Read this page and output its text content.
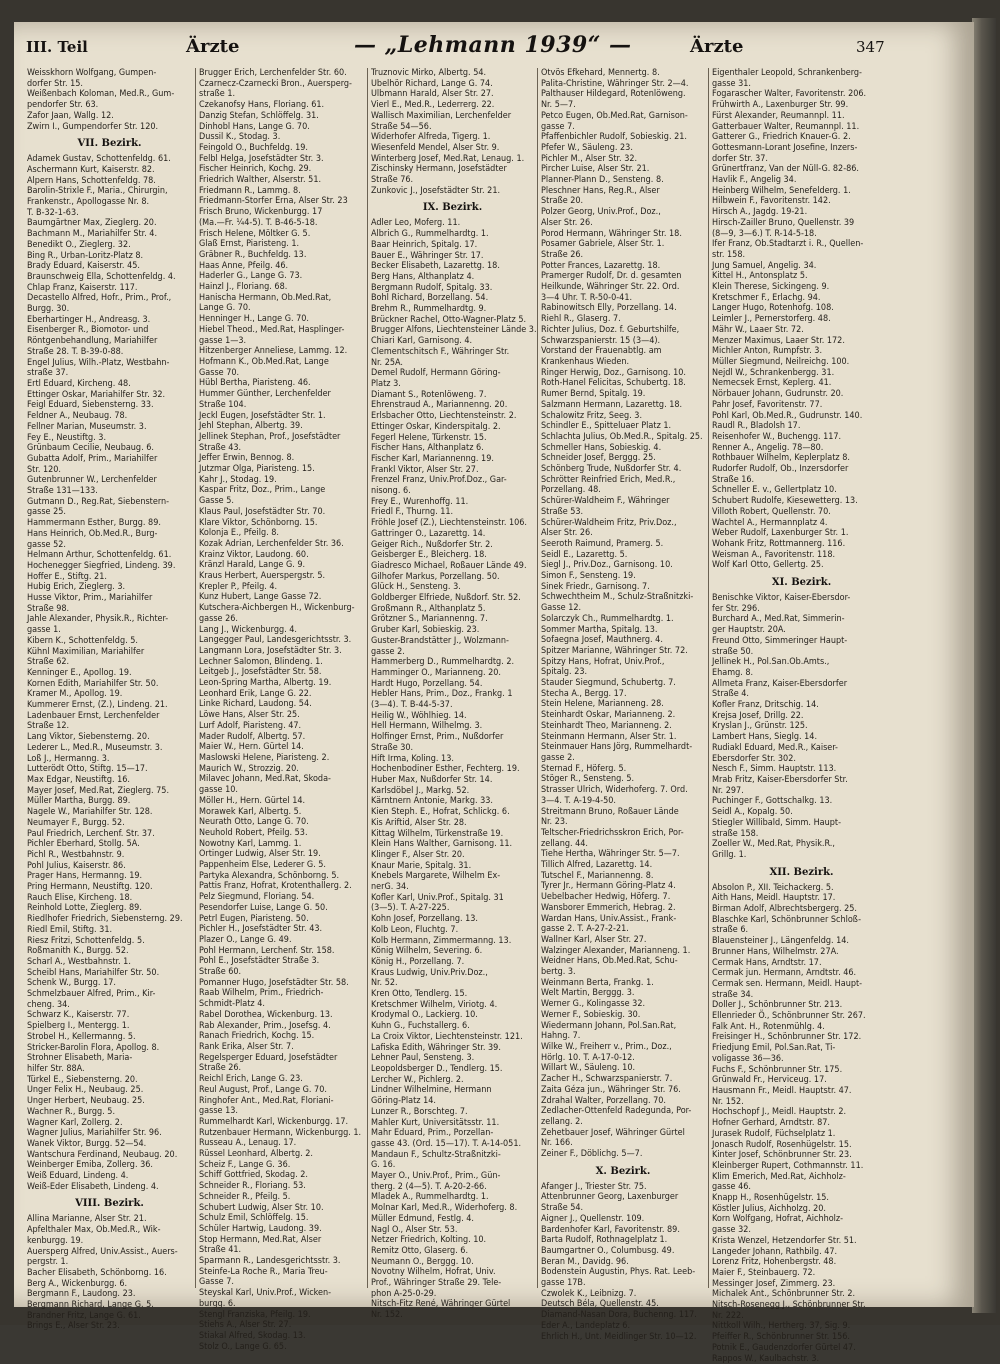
III. Teil	Ärzte	— „Lehmann 1939“ —	Ärzte	347

Weisskhorn Wolfgang, Gumpen-

dorfer Str. 15.

Weißenbach Koloman, Med.R., Gum-

pendorfer Str. 63.

Zafor Jaan, Wallg. 12.

Zwirn I., Gumpendorfer Str. 120.

VII. Bezirk.

Adamek Gustav, Schottenfeldg. 61.

Aschermann Kurt, Kaiserstr. 82.

Alpern Hans, Schottenfeldg. 78.

Barolin-Strixle F., Maria., Chirurgin,

Frankenstr., Apollogasse Nr. 8.

T. B-32-1-63.

Baumgärtner Max, Zieglerg. 20.

Bachmann M., Mariahilfer Str. 4.

Benedikt O., Zieglerg. 32.

Bing R., Urban-Loritz-Platz 8.

Brady Eduard, Kaiserstr. 45.

Braunschweig Ella, Schottenfeldg. 4.

Chlap Franz, Kaiserstr. 117.

Decastello Alfred, Hofr., Prim., Prof.,

Burgg. 30.

Eberhartinger H., Andreasg. 3.

Eisenberger R., Biomotor- und

Röntgenbehandlung, Mariahilfer

Straße 28. T. B-39-0-88.

Engel Julius, Wilh.-Platz, Westbahn-

straße 37.

Ertl Eduard, Kircheng. 48.

Ettinger Oskar, Mariahilfer Str. 32.

Feigl Eduard, Siebensterng. 33.

Feldner A., Neubaug. 78.

Fellner Marian, Museumstr. 3.

Fey E., Neustiftg. 3.

Grünbaum Cecilie, Neubaug. 6.

Gubatta Adolf, Prim., Mariahilfer

Str. 120.

Gutenbrunner W., Lerchenfelder

Straße 131—133.

Gutmann D., Reg.Rat, Siebenstern-

gasse 25.

Hammermann Esther, Burgg. 89.

Hans Heinrich, Ob.Med.R., Burg-

gasse 52.

Helmann Arthur, Schottenfeldg. 61.

Hochenegger Siegfried, Lindeng. 39.

Hoffer E., Stiftg. 21.

Hubig Erich, Zieglerg. 3.

Husse Viktor, Prim., Mariahilfer

Straße 98.

Jahle Alexander, Physik.R., Richter-

gasse 1.

Kibern K., Schottenfeldg. 5.

Kühnl Maximilian, Mariahilfer

Straße 62.

Kenninger E., Apollog. 19.

Kornen Edith, Mariahilfer Str. 50.

Kramer M., Apollog. 19.

Kummerer Ernst, (Z.), Lindeng. 21.

Ladenbauer Ernst, Lerchenfelder

Straße 12.

Lang Viktor, Siebensterng. 20.

Lederer L., Med.R., Museumstr. 3.

Loß J., Hermanng. 3.

Lutterödt Otto, Stiftg. 15—17.

Max Edgar, Neustiftg. 16.

Mayer Josef, Med.Rat, Zieglerg. 75.

Müller Martha, Burgg. 89.

Nagele W., Mariahilfer Str. 128.

Neumayer F., Burgg. 52.

Paul Friedrich, Lerchenf. Str. 37.

Pichler Eberhard, Stollg. 5A.

Pichl R., Westbahnstr. 9.

Pohl Julius, Kaiserstr. 86.

Prager Hans, Hermanng. 19.

Pring Hermann, Neustiftg. 120.

Rauch Elise, Kircheng. 18.

Reinhold Lotte, Zieglerg. 89.

Riedlhofer Friedrich, Siebensterng. 29.

Riedl Emil, Stiftg. 31.

Riesz Fritzi, Schottenfeldg. 5.

Roßmanith K., Burgg. 52.

Scharl A., Westbahnstr. 1.

Scheibl Hans, Mariahilfer Str. 50.

Schenk W., Burgg. 17.

Schmelzbauer Alfred, Prim., Kir-

cheng. 34.

Schwarz K., Kaiserstr. 77.

Spielberg I., Mentergg. 1.

Strobel H., Kellermanng. 5.

Stricker-Barolin Flora, Apollog. 8.

Strohner Elisabeth, Maria-

hilfer Str. 88A.

Türkel E., Siebensterng. 20.

Unger Felix H., Neubaug. 25.

Unger Herbert, Neubaug. 25.

Wachner R., Burgg. 5.

Wagner Karl, Zollerg. 2.

Wagner Julius, Mariahilfer Str. 96.

Wanek Viktor, Burgg. 52—54.

Wantschura Ferdinand, Neubaug. 20.

Weinberger Emiba, Zollerg. 36.

Weiß Eduard, Lindeng. 4.

Weiß-Eder Elisabeth, Lindeng. 4.

VIII. Bezirk.

Allina Marianne, Alser Str. 21.

Apfelthaler Max, Ob.Med.R., Wik-

kenburgg. 19.

Auersperg Alfred, Univ.Assist., Auers-

pergstr. 1.

Bacher Elisabeth, Schönborng. 16.

Berg A., Wickenburgg. 6.

Bergmann F., Laudong. 23.

Bergmann Richard, Lange G. 5.

Brandner Fritz, Lange G. 61.

Brings E., Alser Str. 23.

Brugger Erich, Lerchenfelder Str. 60.

Czarnecz-Czarnecki Bron., Auersperg-

straße 1.

Czekanofsy Hans, Floriang. 61.

Danzig Stefan, Schlöffelg. 31.

Dinhobl Hans, Lange G. 70.

Dussil K., Stodag. 3.

Feingold O., Buchfeldg. 19.

Felbl Helga, Josefstädter Str. 3.

Fischer Heinrich, Kochg. 29.

Friedrich Walther, Alserstr. 51.

Friedmann R., Lammg. 8.

Friedmann-Storfer Erna, Alser Str. 23

Frisch Bruno, Wickenburgg. 17

(Ma.—Fr. ¼4-5). T. B-46-5-18.

Frisch Helene, Möltker G. 5.

Glaß Ernst, Piaristeng. 1.

Gräbner R., Buchfeldg. 13.

Haas Anne, Pfeilg. 46.

Haderler G., Lange G. 73.

Hainzl J., Floriang. 68.

Hanischa Hermann, Ob.Med.Rat,

Lange G. 70.

Henninger H., Lange G. 70.

Hiebel Theod., Med.Rat, Hasplinger-

gasse 1—3.

Hitzenberger Anneliese, Lammg. 12.

Hofmann K., Ob.Med.Rat, Lange

Gasse 70.

Hübl Bertha, Piaristeng. 46.

Hummer Günther, Lerchenfelder

Straße 104.

Jeckl Eugen, Josefstädter Str. 1.

Jehl Stephan, Albertg. 39.

Jellinek Stephan, Prof., Josefstädter

Straße 43.

Jeffer Erwin, Bennog. 8.

Jutzmar Olga, Piaristeng. 15.

Kahr J., Stodag. 19.

Kaspar Fritz, Doz., Prim., Lange

Gasse 5.

Klaus Paul, Josefstädter Str. 70.

Klare Viktor, Schönborng. 15.

Kolonja E., Pfeilg. 8.

Kozak Adrian, Lerchenfelder Str. 36.

Krainz Viktor, Laudong. 60.

Kränzl Harald, Lange G. 9.

Kraus Herbert, Auerspergstr. 5.

Krepler P., Pfeilg. 4.

Kunz Hubert, Lange Gasse 72.

Kutschera-Aichbergen H., Wickenburg-

gasse 26.

Lang J., Wickenburgg. 4.

Langegger Paul, Landesgerichtsstr. 3.

Langmann Lora, Josefstädter Str. 3.

Lechner Salomon, Blindeng. 1.

Leitgeb J., Josefstädter Str. 58.

Leon-Spring Martha, Albertg. 19.

Leonhard Erik, Lange G. 22.

Linke Richard, Laudong. 54.

Löwe Hans, Alser Str. 25.

Lurf Adolf, Piaristeng. 47.

Mader Rudolf, Albertg. 57.

Maier W., Hern. Gürtel 14.

Maslowski Helene, Piaristeng. 2.

Maurich W., Strozzig. 20.

Milavec Johann, Med.Rat, Skoda-

gasse 10.

Möller H., Hern. Gürtel 14.

Morawek Karl, Albertg. 5.

Neurath Otto, Lange G. 70.

Neuhold Robert, Pfeilg. 53.

Nowotny Karl, Lammg. 1.

Ortinger Ludwig, Alser Str. 19.

Pappenheim Else, Lederer G. 5.

Partyka Alexandra, Schönborng. 5.

Pattis Franz, Hofrat, Krotenthallerg. 2.

Pelz Siegmund, Floriang. 54.

Pesendorfer Luise, Lange G. 50.

Petrl Eugen, Piaristeng. 50.

Pichler H., Josefstädter Str. 43.

Plazer O., Lange G. 49.

Pohl Hermann, Lerchenf. Str. 158.

Pohl E., Josefstädter Straße 3.

Straße 60.

Pomanner Hugo, Josefstädter Str. 58.

Raab Wilhelm, Prim., Friedrich-

Schmidt-Platz 4.

Rabel Dorothea, Wickenburg. 13.

Rab Alexander, Prim., Josefsg. 4.

Ranach Friedrich, Kochg. 15.

Rank Erika, Alser Str. 7.

Regelsperger Eduard, Josefstädter

Straße 26.

Reichl Erich, Lange G. 23.

Reul August, Prof., Lange G. 70.

Ringhofer Ant., Med.Rat, Floriani-

gasse 13.

Rummelhardt Karl, Wickenburgg. 17.

Rutzenbauer Hermann, Wickenburgg. 1.

Russeau A., Lenaug. 17.

Rüssel Leonhard, Albertg. 2.

Scheiz F., Lange G. 36.

Schiff Gottfried, Skodag. 2.

Schneider R., Floriang. 53.

Schneider R., Pfeilg. 5.

Schubert Ludwig, Alser Str. 10.

Schulz Emil, Schlöffelg. 15.

Schüler Hartwig, Laudong. 39.

Stop Hermann, Med.Rat, Alser

Straße 41.

Sparmann R., Landesgerichtsstr. 3.

Steinfe-La Roche R., Maria Treu-

Gasse 7.

Steyskal Karl, Univ.Prof., Wicken-

burgg. 6.

Stengl Franziska, Pfeilg. 19.

Stiehs A., Alser Str. 27.

Stiakal Alfred, Skodag. 13.

Stolz O., Lange G. 65.

Truznovic Mirko, Albertg. 54.

Ubelhör Richard, Lange G. 74.

Ulbmann Harald, Alser Str. 27.

Vierl E., Med.R., Lederrerg. 22.

Wallisch Maximilian, Lerchenfelder

Straße 54—56.

Widerhofer Alfreda, Tigerg. 1.

Wiesenfeld Mendel, Alser Str. 9.

Winterberg Josef, Med.Rat, Lenaug. 1.

Zischinsky Hermann, Josefstädter

Straße 76.

Zunkovic J., Josefstädter Str. 21.

IX. Bezirk.

Adler Leo, Moferg. 11.

Albrich G., Rummelhardtg. 1.

Baar Heinrich, Spitalg. 17.

Bauer E., Währinger Str. 17.

Becker Elisabeth, Lazarettg. 18.

Berg Hans, Althanplatz 4.

Bergmann Rudolf, Spitalg. 33.

Bohl Richard, Borzellang. 54.

Brehm R., Rummelhardtg. 9.

Brückner Rachel, Otto-Wagner-Platz 5.

Brugger Alfons, Liechtensteiner Lände 3.

Chiari Karl, Garnisong. 4.

Clementschitsch F., Währinger Str.

Nr. 25A.

Demel Rudolf, Hermann Göring-

Platz 3.

Diamant S., Rotenlöweng. 7.

Ehrenstraud A., Mariannenng. 20.

Erlsbacher Otto, Liechtensteinstr. 2.

Ettinger Oskar, Kinderspitalg. 2.

Fegerl Helene, Türkenstr. 15.

Fischer Hans, Althanplatz 6.

Fischer Karl, Mariannenng. 19.

Frankl Viktor, Alser Str. 27.

Frenzel Franz, Univ.Prof.Doz., Gar-

nisong. 6.

Frey E., Wurenhoffg. 11.

Friedl F., Thurng. 11.

Fröhle Josef (Z.), Liechtensteinstr. 106.

Gattringer O., Lazarettg. 14.

Geiger Rich., Nußdorfer Str. 2.

Geisberger E., Bleicherg. 18.

Giadresco Michael, Roßauer Lände 49.

Gilhofer Markus, Porzellang. 50.

Glück H., Sensteng. 3.

Goldberger Elfriede, Nußdorf. Str. 52.

Großmann R., Althanplatz 5.

Grötzner S., Mariannenng. 7.

Gruber Karl, Sobieskig. 23.

Guster-Brandstätter J., Wolzmann-

gasse 2.

Hammerberg D., Rummelhardtg. 2.

Hamminger O., Marianneng. 20.

Hardt Hugo, Porzellang. 54.

Hebler Hans, Prim., Doz., Frankg. 1

(3—4). T. B-44-5-37.

Heilig W., Wöhlhieg. 14.

Hell Hermann, Wilhelmg. 3.

Holfinger Ernst, Prim., Nußdorfer

Straße 30.

Hift Irma, Koling. 13.

Hochenbodiner Esther, Fechterg. 19.

Huber Max, Nußdorfer Str. 14.

Karlsdöbel J., Markg. 52.

Kärntnern Antonie, Markg. 33.

Kien Steph. E., Hofrat, Schlickg. 6.

Kis Ariftid, Alser Str. 28.

Kittag Wilhelm, Türkenstraße 19.

Klein Hans Walther, Garnisong. 11.

Klinger F., Alser Str. 20.

Knaur Marie, Spitalg. 31.

Knebels Margarete, Wilhelm Ex-

nerG. 34.

Kofler Karl, Univ.Prof., Spitalg. 31

(3—5). T. A-27-225.

Kohn Josef, Porzellang. 13.

Kolb Leon, Fluchtg. 7.

Kolb Hermann, Zimmermanng. 13.

König Wilhelm, Severing. 6.

König H., Porzellang. 7.

Kraus Ludwig, Univ.Priv.Doz.,

Nr. 52.

Kren Otto, Tendlerg. 15.

Kretschmer Wilhelm, Viriotg. 4.

Krodymal O., Lackierg. 10.

Kuhn G., Fuchstallerg. 6.

La Croix Viktor, Liechtensteinstr. 121.

Lafiska Edith, Währinger Str. 39.

Lehner Paul, Sensteng. 3.

Leopoldsberger D., Tendlerg. 15.

Lercher W., Pichlerg. 2.

Lindner Wilhelmine, Hermann

Göring-Platz 14.

Lunzer R., Borschteg. 7.

Mahler Kurt, Universitätsstr. 11.

Mahr Eduard, Prim., Porzellan-

gasse 43. (Ord. 15—17). T. A-14-051.

Mandaun F., Schultz-Straßnitzki-

G. 16.

Mayer O., Univ.Prof., Prim., Gün-

therg. 2 (4—5). T. A-20-2-66.

Mladek A., Rummelhardtg. 1.

Molnar Karl, Med.R., Widerhoferg. 8.

Müller Edmund, Festlg. 4.

Nagl O., Alser Str. 53.

Netzer Friedrich, Kolting. 10.

Remitz Otto, Glaserg. 6.

Neumann O., Berggg. 10.

Novotny Wilhelm, Hofrat, Univ.

Prof., Währinger Straße 29. Tele-

phon A-25-0-29.

Nitsch-Fitz René, Währinger Gürtel

Nr. 152.

Otvös Efkehard, Mennertg. 8.

Palita-Christine, Währinger Str. 2—4.

Palthauser Hildegard, Rotenlöweng.

Nr. 5—7.

Petco Eugen, Ob.Med.Rat, Garnison-

gasse 7.

Pfaffenbichler Rudolf, Sobieskig. 21.

Pfefer W., Säuleng. 23.

Pichler M., Alser Str. 32.

Pircher Luise, Alser Str. 21.

Planner-Plann D., Sensteng. 8.

Pleschner Hans, Reg.R., Alser

Straße 20.

Polzer Georg, Univ.Prof., Doz.,

Alser Str. 26.

Porod Hermann, Währinger Str. 18.

Posamer Gabriele, Alser Str. 1.

Straße 26.

Potter Frances, Lazarettg. 18.

Pramerger Rudolf, Dr. d. gesamten

Heilkunde, Währinger Str. 22. Ord.

3—4 Uhr. T. R-50-0-41.

Rabinowitsch Elly, Porzellang. 14.

Riehl R., Glaserg. 7.

Richter Julius, Doz. f. Geburtshilfe,

Schwarzspanierstr. 15 (3—4).

Vorstand der Frauenabtlg. am

Krankenhaus Wieden.

Ringer Herwig, Doz., Garnisong. 10.

Roth-Hanel Felicitas, Schubertg. 18.

Rumer Bernd, Spitalg. 19.

Salzmann Hermann, Lazarettg. 18.

Schalowitz Fritz, Seeg. 3.

Schindler E., Spitteluaer Platz 1.

Schlachta Julius, Ob.Med.R., Spitalg. 25.

Schmeller Hans, Sobieskig. 4.

Schneider Josef, Berggg. 25.

Schönberg Trude, Nußdorfer Str. 4.

Schrötter Reinfried Erich, Med.R.,

Porzellang. 48.

Schürer-Waldheim F., Währinger

Straße 53.

Schürer-Waldheim Fritz, Priv.Doz.,

Alser Str. 26.

Seeroth Raimund, Pramerg. 5.

Seidl E., Lazarettg. 5.

Siegl J., Priv.Doz., Garnisong. 10.

Simon F., Sensteng. 19.

Sinek Friedr., Garnisong. 7.

Schwechtheim M., Schulz-Straßnitzki-

Gasse 12.

Solarczyk Ch., Rummelhardtg. 1.

Sommer Martha, Spitalg. 13.

Sofaegna Josef, Mauthnerg. 4.

Spitzer Marianne, Währinger Str. 72.

Spitzy Hans, Hofrat, Univ.Prof.,

Spitalg. 23.

Stauder Siegmund, Schubertg. 7.

Stecha A., Bergg. 17.

Stein Helene, Marianneng. 28.

Steinhardt Oskar, Marianneng. 2.

Steinhardt Theo, Marianneng. 2.

Steinmann Hermann, Alser Str. 1.

Steinmauer Hans Jörg, Rummelhardt-

gasse 2.

Sternad F., Höferg. 5.

Stöger R., Sensteng. 5.

Strasser Ulrich, Widerhoferg. 7. Ord.

3—4. T. A-19-4-50.

Streitmann Bruno, Roßauer Lände

Nr. 23.

Teltscher-Friedrichsskron Erich, Por-

zellang. 44.

Tiehe Hertha, Währinger Str. 5—7.

Tillich Alfred, Lazarettg. 14.

Tutschel F., Mariannenng. 8.

Tyrer Jr., Hermann Göring-Platz 4.

Uebelbacher Hedwig, Höferg. 7.

Wansborer Emmerich, Hebrag. 2.

Wardan Hans, Univ.Assist., Frank-

gasse 2. T. A-27-2-21.

Wallner Karl, Alser Str. 27.

Walzinger Alexander, Marianneng. 1.

Weidner Hans, Ob.Med.Rat, Schu-

bertg. 3.

Weinmann Berta, Frankg. 1.

Welt Martin, Berggg. 3.

Werner G., Kolingasse 32.

Werner F., Sobieskig. 30.

Wiedermann Johann, Pol.San.Rat,

Hahng. 7.

Wilke W., Freiherr v., Prim., Doz.,

Hörlg. 10. T. A-17-0-12.

Willart W., Säuleng. 10.

Zacher H., Schwarzspanierstr. 7.

Zaita Géza jun., Währinger Str. 76.

Zdrahal Walter, Porzellang. 70.

Zedlacher-Ottenfeld Radegunda, Por-

zellang. 2.

Zehetbauer Josef, Währinger Gürtel

Nr. 166.

Zeiner F., Döblichg. 5—7.

X. Bezirk.

Afanger J., Triester Str. 75.

Attenbrunner Georg, Laxenburger

Straße 54.

Aigner J., Quellenstr. 109.

Bardenhofer Karl, Favoritenstr. 89.

Barta Rudolf, Rothnagelplatz 1.

Baumgartner O., Columbusg. 49.

Beran M., Davidg. 96.

Bodenstein Augustin, Phys. Rat. Leeb-

gasse 17B.

Czwolek K., Leibnizg. 7.

Deutsch Béla, Quellenstr. 45.

Diamand-Nasan Dora, Buchenng. 117.

Eder A., Landeplatz 6.

Ehrlich H., Unt. Meidlinger Str. 10—12.

Eigenthaler Leopold, Schrankenberg-

gasse 31.

Fogarascher Walter, Favoritenstr. 206.

Frühwirth A., Laxenburger Str. 99.

Fürst Alexander, Reumannpl. 11.

Gatterbauer Walter, Reumannpl. 11.

Gatterer G., Friedrich Knauer-G. 2.

Gottesmann-Lorant Josefine, Inzers-

dorfer Str. 37.

Grünertfranz, Van der Nüll-G. 82-86.

Havlik F., Angelig 34.

Heinberg Wilhelm, Senefelderg. 1.

Hilbwein F., Favoritenstr. 142.

Hirsch A., Jagdg. 19-21.

Hirsch-Zailler Bruno, Quellenstr. 39

(8—9, 3—6.) T. R-14-5-18.

Ifer Franz, Ob.Stadtarzt i. R., Quellen-

str. 158.

Jung Samuel, Angelig. 34.

Kittel H., Antonsplatz 5.

Klein Therese, Sickingeng. 9.

Kretschmer F., Erlachg. 94.

Langer Hugo, Rotenhofg. 108.

Leimler J., Pernerstorferg. 48.

Mähr W., Laaer Str. 72.

Menzer Maximus, Laaer Str. 172.

Michler Anton, Rumpfstr. 3.

Müller Siegmund, Neilreichg. 100.

Nejdl W., Schrankenbergg. 31.

Nemecsek Ernst, Keplerg. 41.

Nörbauer Johann, Gudrunstr. 20.

Pahr Josef, Favoritenstr. 77.

Pohl Karl, Ob.Med.R., Gudrunstr. 140.

Raudl R., Bladolsh 17.

Reisenhofer W., Buchengg. 117.

Renner A., Angelig. 78—80.

Rothbauer Wilhelm, Keplerplatz 8.

Rudorfer Rudolf, Ob., Inzersdorfer

Straße 16.

Schneller E. v., Gellertplatz 10.

Schubert Rudolfe, Kiesewetterg. 13.

Villoth Robert, Quellenstr. 70.

Wachtel A., Hermannplatz 4.

Weber Rudolf, Laxenburger Str. 1.

Wohank Fritz, Rottmannerg. 116.

Weisman A., Favoritenstr. 118.

Wolf Karl Otto, Gellertg. 25.

XI. Bezirk.

Benischke Viktor, Kaiser-Ebersdor-

fer Str. 296.

Burchard A., Med.Rat, Simmerin-

ger Hauptstr. 20A.

Freund Otto, Simmeringer Haupt-

straße 50.

Jellinek H., Pol.San.Ob.Amts.,

Ehamg. 8.

Allmeta Franz, Kaiser-Ebersdorfer

Straße 4.

Kofler Franz, Dritschig. 14.

Krejsa Josef, Drillg. 22.

Kryslan J., Grünstr. 125.

Lambert Hans, Sieglg. 14.

Rudiakl Eduard, Med.R., Kaiser-

Ebersdorfer Str. 302.

Nesch F., Simm. Hauptstr. 113.

Mrab Fritz, Kaiser-Ebersdorfer Str.

Nr. 297.

Puchinger F., Gottschalkg. 13.

Seidl A., Kopalg. 50.

Stiegler Willibald, Simm. Haupt-

straße 158.

Zoeller W., Med.Rat, Physik.R.,

Grillg. 1.

XII. Bezirk.

Absolon P., XII. Teichackerg. 5.

Aith Hans, Meidl. Hauptstr. 17.

Birman Adolf, Albrechtsbergerg. 25.

Blaschke Karl, Schönbrunner Schloß-

straße 6.

Blauensteiner J., Längenfeldg. 14.

Brunner Hans, Wilhelmstr. 27A.

Cermak Hans, Arndtstr. 17.

Cermak jun. Hermann, Arndtstr. 46.

Cermak sen. Hermann, Meidl. Haupt-

straße 34.

Doller J., Schönbrunner Str. 213.

Ellenrieder Ö., Schönbrunner Str. 267.

Falk Ant. H., Rotenmühlg. 4.

Freisinger H., Schönbrunner Str. 172.

Friedjung Emil, Pol.San.Rat, Ti-

voligasse 36—36.

Fuchs F., Schönbrunner Str. 175.

Grünwald Fr., Herviceug. 17.

Hausmann Fr., Meidl. Hauptstr. 47.

Nr. 152.

Hochschopf J., Meidl. Hauptstr. 2.

Hofner Gerhard, Arndtstr. 87.

Jurasek Rudolf, Füchselplatz 1.

Jonasch Rudolf, Rosenhügelstr. 15.

Kinter Josef, Schönbrunner Str. 23.

Kleinberger Rupert, Cothmannstr. 11.

Klim Emerich, Med.Rat, Aichholz-

gasse 46.

Knapp H., Rosenhügelstr. 15.

Köstler Julius, Aichholzg. 20.

Korn Wolfgang, Hofrat, Aichholz-

gasse 32.

Krista Wenzel, Hetzendorfer Str. 51.

Langeder Johann, Rathbilg. 47.

Lorenz Fritz, Hohenbergstr. 48.

Maier F., Steinbauerg. 72.

Messinger Josef, Zimmerg. 23.

Michalek Ant., Schönbrunner Str. 2.

Nitsch-Rosenegg J., Schönbrunner Str.

Nr. 222.

Nittkoll Wilh., Hertherg. 37, Sig. 9.

Pfeiffer R., Schönbrunner Str. 156.

Potnik E., Gaudenzdorfer Gürtel 47.

Rappos W., Kaulbachstr. 3.
